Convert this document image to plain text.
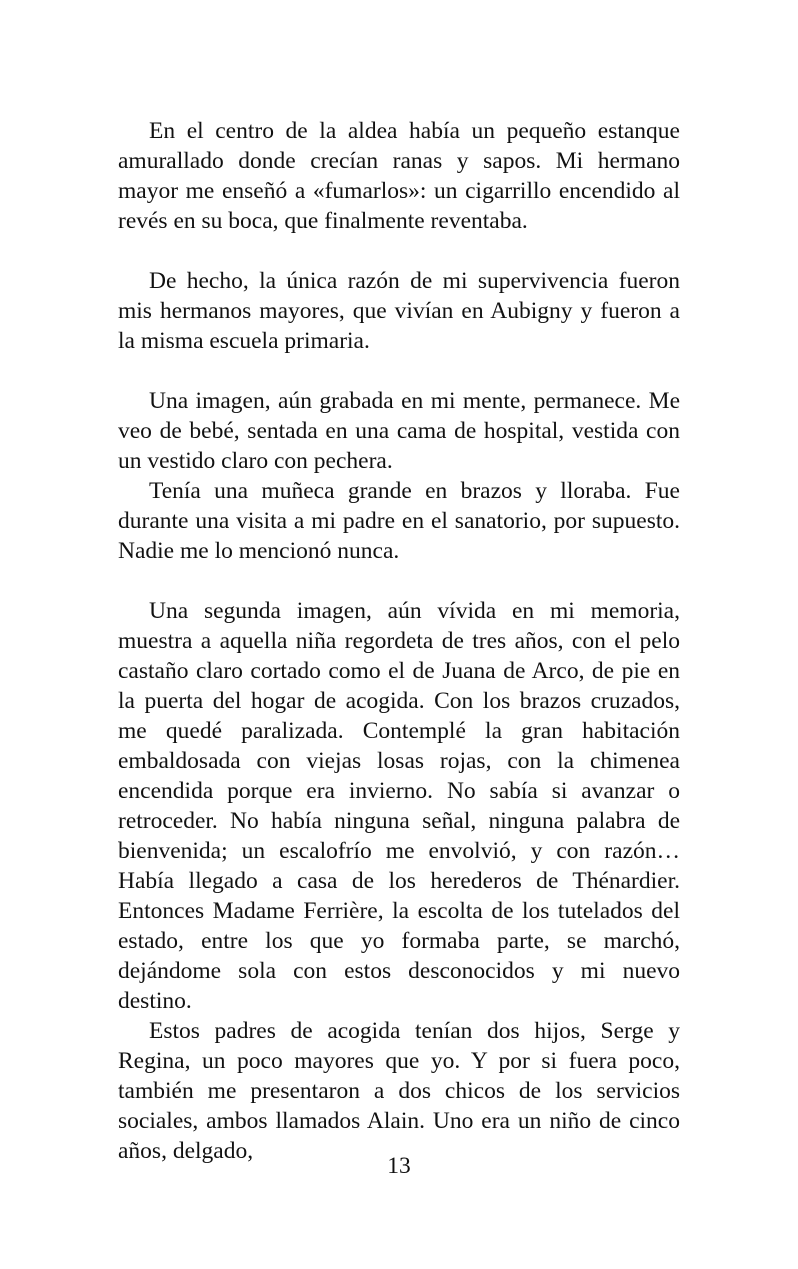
En el centro de la aldea había un pequeño estanque amurallado donde crecían ranas y sapos. Mi hermano mayor me enseñó a «fumarlos»: un cigarrillo encendido al revés en su boca, que finalmente reventaba.

De hecho, la única razón de mi supervivencia fueron mis hermanos mayores, que vivían en Aubigny y fueron a la misma escuela primaria.

Una imagen, aún grabada en mi mente, permanece. Me veo de bebé, sentada en una cama de hospital, vestida con un vestido claro con pechera.

Tenía una muñeca grande en brazos y lloraba. Fue durante una visita a mi padre en el sanatorio, por supuesto. Nadie me lo mencionó nunca.

Una segunda imagen, aún vívida en mi memoria, muestra a aquella niña regordeta de tres años, con el pelo castaño claro cortado como el de Juana de Arco, de pie en la puerta del hogar de acogida. Con los brazos cruzados, me quedé paralizada. Contemplé la gran habitación embaldosada con viejas losas rojas, con la chimenea encendida porque era invierno. No sabía si avanzar o retroceder. No había ninguna señal, ninguna palabra de bienvenida; un escalofrío me envolvió, y con razón… Había llegado a casa de los herederos de Thénardier. Entonces Madame Ferrière, la escolta de los tutelados del estado, entre los que yo formaba parte, se marchó, dejándome sola con estos desconocidos y mi nuevo destino.

Estos padres de acogida tenían dos hijos, Serge y Regina, un poco mayores que yo. Y por si fuera poco, también me presentaron a dos chicos de los servicios sociales, ambos llamados Alain. Uno era un niño de cinco años, delgado,

13
